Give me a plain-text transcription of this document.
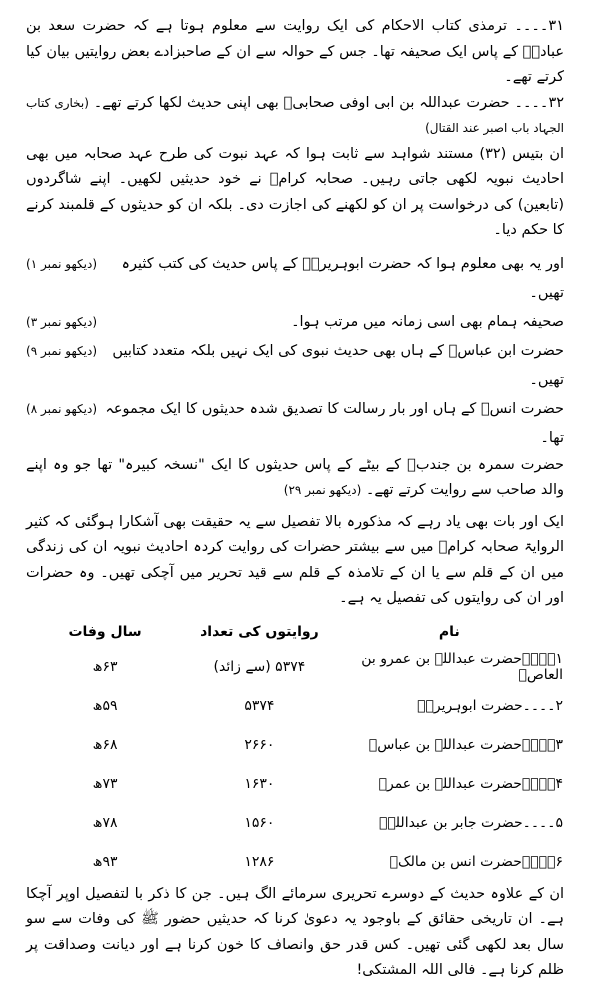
۳۱۔۔۔۔ ترمذی کتاب الاحکام کی ایک روایت سے معلوم ہوتا ہے کہ حضرت سعد بن عبادہؓ کے پاس ایک صحیفہ تھا۔ جس کے حوالہ سے ان کے صاحبزادے بعض روایتیں بیان کیا کرتے تھے۔

۳۲۔۔۔۔ حضرت عبداللہ بن ابی اوفی صحابیؓ بھی اپنی حدیث لکھا کرتے تھے۔ (بخاری کتاب الجہاد باب اصبر عند القتال)

ان بتیس (۳۲) مستند شواہد سے ثابت ہوا کہ عہد نبوت کی طرح عہد صحابہ میں بھی احادیث نبویہ لکھی جاتی رہیں۔ صحابہ کرامؓ نے خود حدیثیں لکھیں۔ اپنے شاگردوں (تابعین) کی درخواست پر ان کو لکھنے کی اجازت دی۔ بلکہ ان کو حدیثوں کے قلمبند کرنے کا حکم دیا۔

اور یہ بھی معلوم ہوا کہ حضرت ابوہریرہؓ کے پاس حدیث کی کتب کثیرہ تھیں۔
(دیکھو نمبر ۱)
صحیفہ ہمام بھی اسی زمانہ میں مرتب ہوا۔
(دیکھو نمبر ۳)
حضرت ابن عباسؓ کے ہاں بھی حدیث نبوی کی ایک نہیں بلکہ متعدد کتابیں تھیں۔
(دیکھو نمبر ۹)
حضرت انسؓ کے ہاں اور بار رسالت کا تصدیق شدہ حدیثوں کا ایک مجموعہ تھا۔
(دیکھو نمبر ۸)

حضرت سمرہ بن جندبؓ کے بیٹے کے پاس حدیثوں کا ایک "نسخہ کبیرہ" تھا جو وہ اپنے والد صاحب سے روایت کرتے تھے۔ (دیکھو نمبر ۲۹)

ایک اور بات بھی یاد رہے کہ مذکورہ بالا تفصیل سے یہ حقیقت بھی آشکارا ہوگئی کہ کثیر الروایۃ صحابہ کرامؓ میں سے بیشتر حضرات کی روایت کردہ احادیث نبویہ ان کی زندگی میں ان کے قلم سے یا ان کے تلامذہ کے قلم سے قید تحریر میں آچکی تھیں۔ وہ حضرات اور ان کی روایتوں کی تفصیل یہ ہے۔

نام	روایتوں کی تعداد	سال وفات
۱۔۔۔۔حضرت عبداللہ بن عمرو بن العاصؓ	۵۳۷۴ (سے زائد)	۶۳ھ
۲۔۔۔۔حضرت ابوہریرہؓ	۵۳۷۴	۵۹ھ
۳۔۔۔۔حضرت عبداللہ بن عباسؓ	۲۶۶۰	۶۸ھ
۴۔۔۔۔حضرت عبداللہ بن عمرؓ	۱۶۳۰	۷۳ھ
۵۔۔۔۔حضرت جابر بن عبداللہؓ	۱۵۶۰	۷۸ھ
۶۔۔۔۔حضرت انس بن مالکؓ	۱۲۸۶	۹۳ھ

ان کے علاوہ حدیث کے دوسرے تحریری سرمائے الگ ہیں۔ جن کا ذکر با لتفصیل اوپر آچکا ہے۔ ان تاریخی حقائق کے باوجود یہ دعویٰ کرنا کہ حدیثیں حضور ﷺ کی وفات سے سو سال بعد لکھی گئی تھیں۔ کس قدر حق وانصاف کا خون کرنا ہے اور دیانت وصداقت پر ظلم کرنا ہے۔ فالی اللہ المشتکی!
